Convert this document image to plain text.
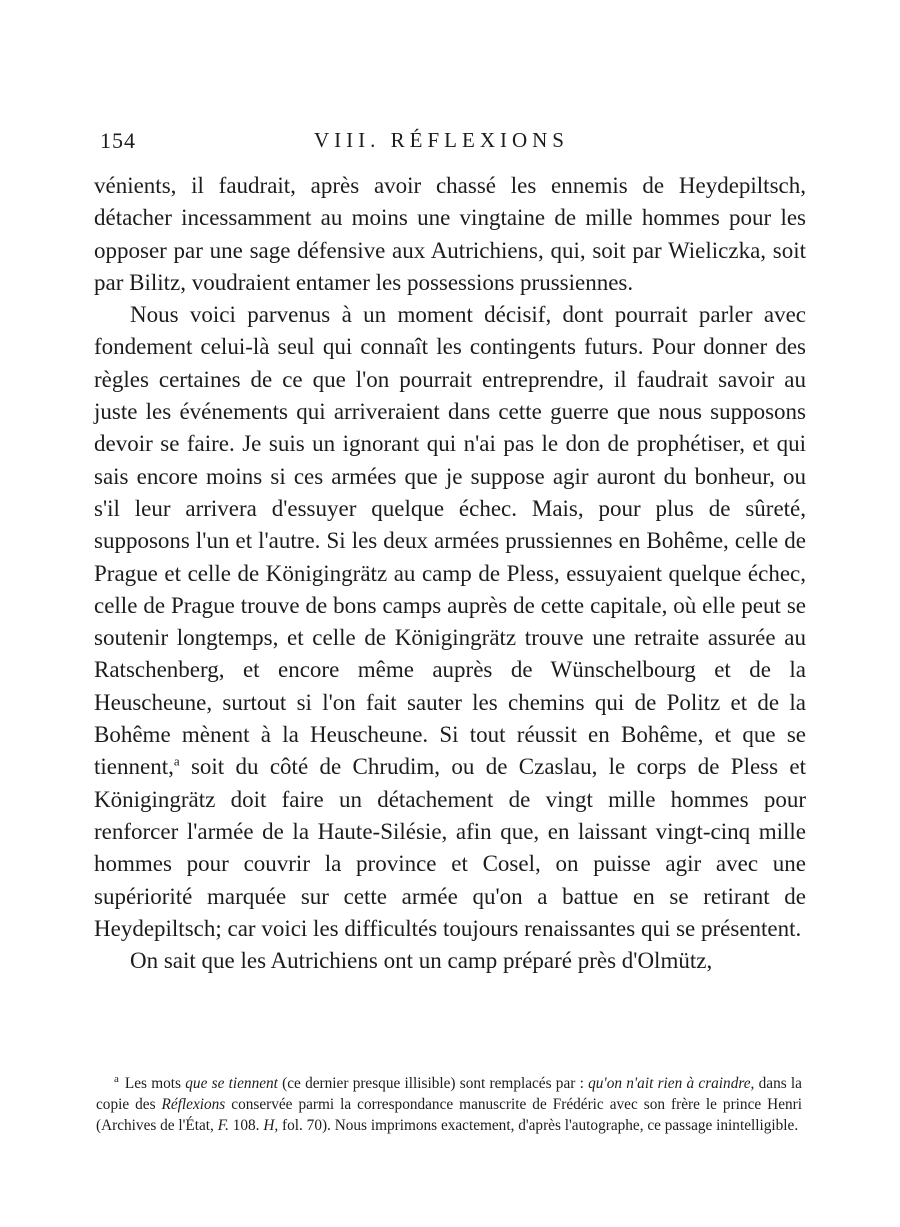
154	VIII. RÉFLEXIONS

vénients, il faudrait, après avoir chassé les ennemis de Heydepiltsch, détacher incessamment au moins une vingtaine de mille hommes pour les opposer par une sage défensive aux Autrichiens, qui, soit par Wieliczka, soit par Bilitz, voudraient entamer les possessions prussiennes.

Nous voici parvenus à un moment décisif, dont pourrait parler avec fondement celui-là seul qui connaît les contingents futurs. Pour donner des règles certaines de ce que l'on pourrait entreprendre, il faudrait savoir au juste les événements qui arriveraient dans cette guerre que nous supposons devoir se faire. Je suis un ignorant qui n'ai pas le don de prophétiser, et qui sais encore moins si ces armées que je suppose agir auront du bonheur, ou s'il leur arrivera d'essuyer quelque échec. Mais, pour plus de sûreté, supposons l'un et l'autre. Si les deux armées prussiennes en Bohême, celle de Prague et celle de Königingrätz au camp de Pless, essuyaient quelque échec, celle de Prague trouve de bons camps auprès de cette capitale, où elle peut se soutenir longtemps, et celle de Königingrätz trouve une retraite assurée au Ratschenberg, et encore même auprès de Wünschelbourg et de la Heuscheune, surtout si l'on fait sauter les chemins qui de Politz et de la Bohême mènent à la Heuscheune. Si tout réussit en Bohême, et que se tiennent,$^a$ soit du côté de Chrudim, ou de Czaslau, le corps de Pless et Königingrätz doit faire un détachement de vingt mille hommes pour renforcer l'armée de la Haute-Silésie, afin que, en laissant vingt-cinq mille hommes pour couvrir la province et Cosel, on puisse agir avec une supériorité marquée sur cette armée qu'on a battue en se retirant de Heydepiltsch; car voici les difficultés toujours renaissantes qui se présentent.

On sait que les Autrichiens ont un camp préparé près d'Olmütz,

$^a$ Les mots que se tiennent (ce dernier presque illisible) sont remplacés par : qu'on n'ait rien à craindre, dans la copie des Réflexions conservée parmi la correspondance manuscrite de Frédéric avec son frère le prince Henri (Archives de l'État, F. 108. H, fol. 70). Nous imprimons exactement, d'après l'autographe, ce passage inintelligible.
